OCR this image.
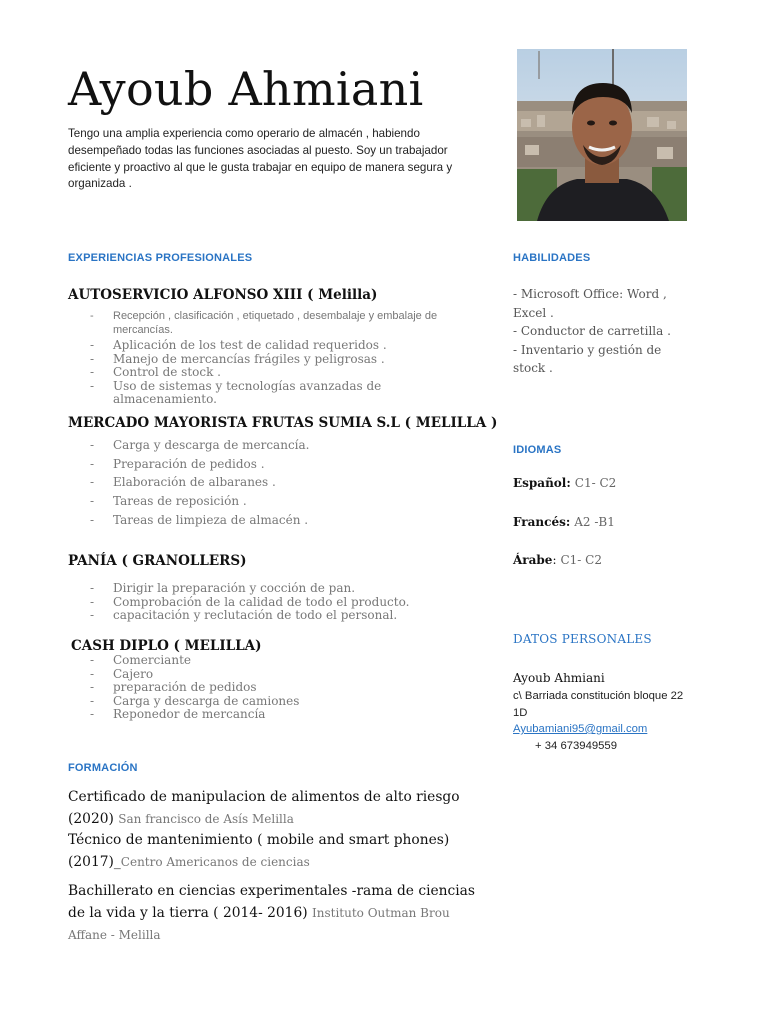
Ayoub Ahmiani

Tengo una amplia experiencia como operario de almacén , habiendo desempeñado todas las funciones asociadas al puesto. Soy un trabajador eficiente y proactivo al que le gusta trabajar en equipo de manera segura y organizada .

EXPERIENCIAS PROFESIONALES
AUTOSERVICIO ALFONSO XIII ( Melilla)
- Recepción , clasificación , etiquetado , desembalaje y embalaje de mercancías.
- Aplicación de los test de calidad requeridos .
- Manejo de mercancías frágiles y peligrosas .
- Control de stock .
- Uso de sistemas y tecnologías avanzadas de almacenamiento.
MERCADO MAYORISTA FRUTAS SUMIA S.L ( MELILLA )
- Carga y descarga de mercancía.
- Preparación de pedidos .
- Elaboración de albaranes .
- Tareas de reposición .
- Tareas de limpieza de almacén .
PANÍA ( GRANOLLERS)
- Dirigir la preparación y cocción de pan.
- Comprobación de la calidad de todo el producto.
- capacitación y reclutación de todo el personal.
CASH DIPLO ( MELILLA)
- Comerciante
- Cajero
- preparación de pedidos
- Carga y descarga de camiones
- Reponedor de mercancía
FORMACIÓN

Certificado de manipulacion de alimentos de alto riesgo (2020) San francisco de Asís Melilla

Técnico de mantenimiento ( mobile and smart phones) (2017)_Centro Americanos de ciencias

Bachillerato en ciencias experimentales -rama de ciencias de la vida y la tierra ( 2014- 2016) Instituto Outman Brou Affane - Melilla

HABILIDADES
- Microsoft Office: Word , Excel .
- Conductor de carretilla .
- Inventario y gestión de stock .
IDIOMAS

Español: C1- C2

Francés: A2 -B1

Árabe: C1- C2

DATOS PERSONALES

Ayoub Ahmiani

c\ Barriada constitución bloque 22 1D
Ayubamiani95@gmail.com
+ 34 673949559
